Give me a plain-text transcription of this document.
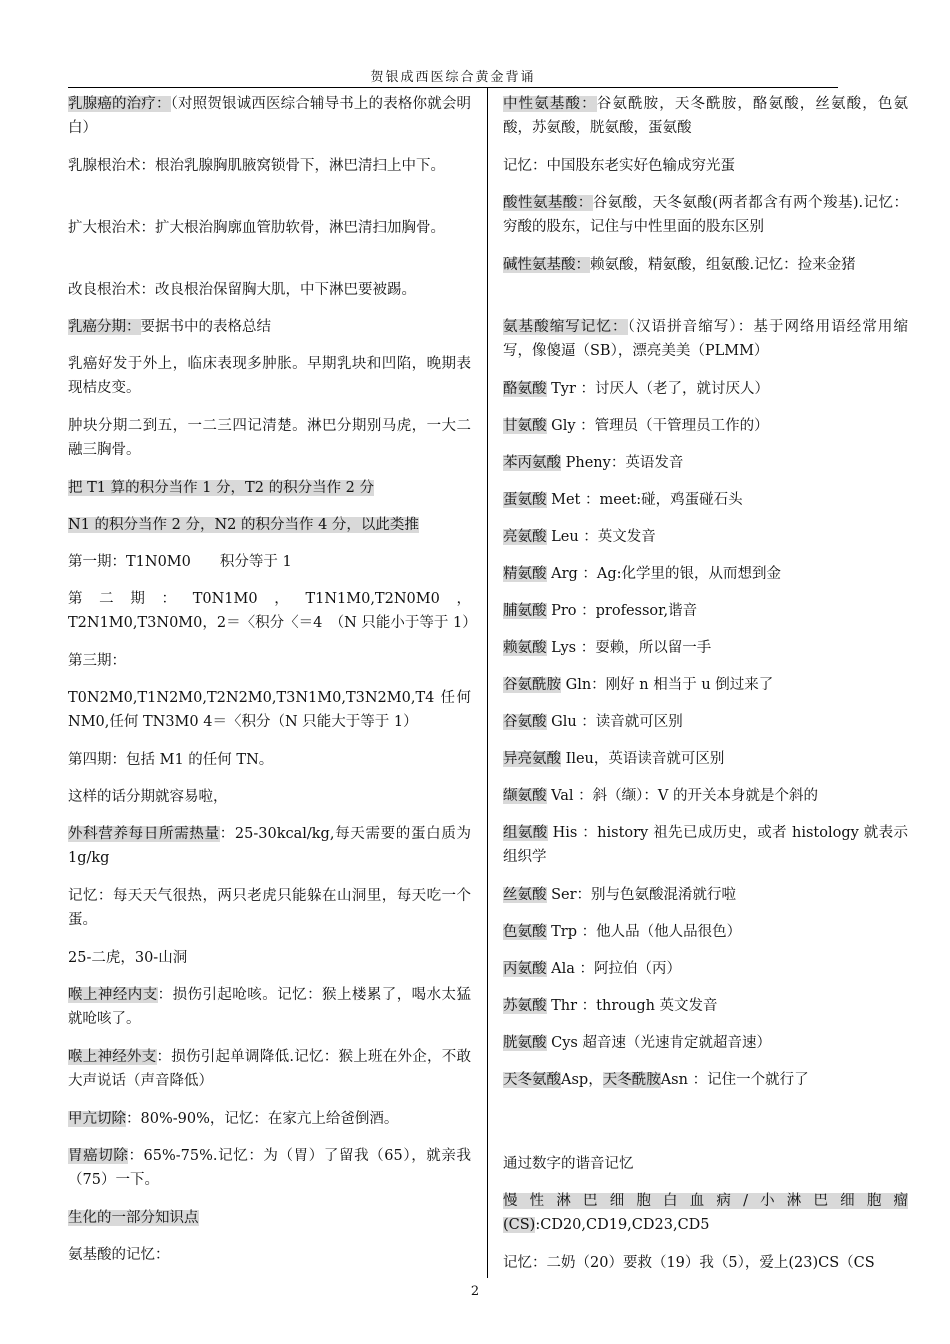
贺银成西医综合黄金背诵

乳腺癌的治疗：（对照贺银诚西医综合辅导书上的表格你就会明白）

乳腺根治术：根治乳腺胸肌腋窝锁骨下，淋巴清扫上中下。

扩大根治术：扩大根治胸廓血管肋软骨，淋巴清扫加胸骨。

改良根治术：改良根治保留胸大肌，中下淋巴要被踢。

乳癌分期：要据书中的表格总结

乳癌好发于外上，临床表现多肿胀。早期乳块和凹陷，晚期表现桔皮变。

肿块分期二到五，一二三四记清楚。淋巴分期别马虎，一大二融三胸骨。

把 T1 算的积分当作 1 分，T2 的积分当作 2 分

N1 的积分当作 2 分，N2 的积分当作 4 分，以此类推

第一期：T1N0M0　　积分等于 1

第二期：T0N1M0，T1N1M0,T2N0M0，T2N1M0,T3N0M0，2＝〈积分〈＝4　（N 只能小于等于 1）

第三期：

T0N2M0,T1N2M0,T2N2M0,T3N1M0,T3N2M0,T4 任何 NM0,任何 TN3M0 4＝〈积分（N 只能大于等于 1）

第四期：包括 M1 的任何 TN。

这样的话分期就容易啦，

外科营养每日所需热量：25-30kcal/kg,每天需要的蛋白质为 1g/kg

记忆：每天天气很热，两只老虎只能躲在山洞里，每天吃一个蛋。

25-二虎，30-山洞

喉上神经内支：损伤引起呛咳。记忆：猴上楼累了，喝水太猛就呛咳了。

喉上神经外支：损伤引起单调降低.记忆：猴上班在外企，不敢大声说话（声音降低）

甲亢切除：80%-90%，记忆：在家亢上给爸倒酒。

胃癌切除：65%-75%.记忆：为（胃）了留我（65），就亲我（75）一下。

生化的一部分知识点

氨基酸的记忆：

中性氨基酸：谷氨酰胺，天冬酰胺，酪氨酸，丝氨酸，色氨酸，苏氨酸，胱氨酸，蛋氨酸

记忆：中国股东老实好色输成穷光蛋

酸性氨基酸：谷氨酸，天冬氨酸(两者都含有两个羧基).记忆：穷酸的股东，记住与中性里面的股东区别

碱性氨基酸：赖氨酸，精氨酸，组氨酸.记忆：捡来金猪

氨基酸缩写记忆：（汉语拼音缩写）：基于网络用语经常用缩写，像傻逼（SB），漂亮美美（PLMM）

酪氨酸 Tyr ：讨厌人（老了，就讨厌人）

甘氨酸 Gly ：管理员（干管理员工作的）

苯丙氨酸 Pheny：英语发音

蛋氨酸 Met ：meet:碰，鸡蛋碰石头

亮氨酸 Leu ：英文发音

精氨酸 Arg ：Ag:化学里的银，从而想到金

脯氨酸 Pro ：professor,谐音

赖氨酸 Lys ：耍赖，所以留一手

谷氨酰胺 Gln：刚好 n 相当于 u 倒过来了

谷氨酸 Glu ：读音就可区别

异亮氨酸 Ileu，英语读音就可区别

缬氨酸 Val ：斜（缬）：V 的开关本身就是个斜的

组氨酸 His ：history 祖先已成历史，或者 histology 就表示组织学

丝氨酸 Ser：别与色氨酸混淆就行啦

色氨酸 Trp ：他人品（他人品很色）

丙氨酸 Ala ：阿拉伯（丙）

苏氨酸 Thr ：through 英文发音

胱氨酸 Cys 超音速（光速肯定就超音速）

天冬氨酸Asp，天冬酰胺Asn ：记住一个就行了

通过数字的谐音记忆

慢性淋巴细胞白血病/小淋巴细胞瘤(CS):CD20,CD19,CD23,CD5

记忆：二奶（20）要救（19）我（5），爱上(23)CS（CS

2
